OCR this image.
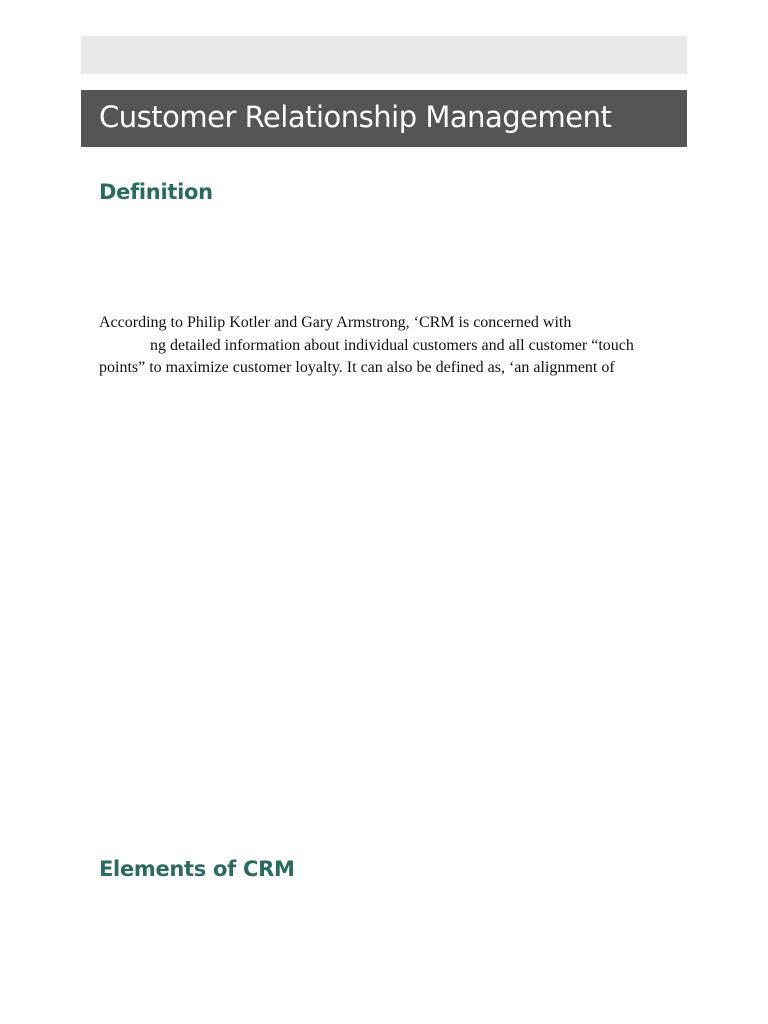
Customer Relationship Management
Definition
According to Philip Kotler and Gary Armstrong, ‘CRM is concerned with
ng detailed information about individual customers and all customer “touch
points” to maximize customer loyalty. It can also be defined as, ‘an alignment of
Elements of CRM
